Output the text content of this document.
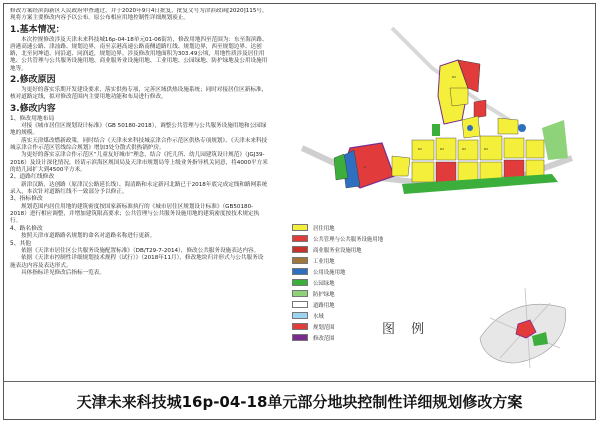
修改方案经滨海新区人民政府审查通过，并于2020年9月4日批复，批复文号为津滨政函[2020]115号，现将方案主要修改内容予以公布。原公布相应用地控制性详细规划废止。

1.基本情况：

本次控规修改涉及天津未来科技城16p-04-18单元01-06街坊，修改用地四至范围为：东至海滨路、唐港高速公路、津汕路、规划边界，南至京港高速公路南侧道路红线、规划边界，西至规划边界、达创路，北至同坤道、同沿道、同润道，规划边界。涉及修改用地面积为303.49公顷，用地性质涉及居住用地、公共管理与公共服务设施用地、商业服务业设施用地、工业用地、公园绿地、防护绿地及公用设施用地等。

2.修改原因

为更好的落实乐期开发建设要求，落实供热专项，完善区域供热设施系统；同时对接居住区新标准，核对道路定线，拟对修改范围内主要用地功能和布局进行修改。

3.修改内容
1、修改用地布局

对接《城市居住区规划设计标准》（GB 50180-2018），调整公共管理与公共服务设施用地和公园绿地的规模。

落实天津煤改燃新政策，同时结合《天津未来科技城京津合作示范区供热专项规划》、《天津未来科技城京津合作示范区管线综合规划》增加3处分散式供热锅炉房。

为更好的落实京津合作示范区“儿童友好城市”理念，结合《托儿所、幼儿园建筑设计规范》（JGJ39-2016）及设计深化情况，经请示滨海区规国局及天津市规划局等上级业务指导机关同意，将4000平方米的幼儿园扩大到4500平方米。

2、道路红线修改

新津汉路、达创路（原津汉公路延长线）、海清路和永定新河北路已于2018年底完成定线和路网系统录入，本次针对道路红线不一致部分予以修正。

3、指标修改

规划范围内居住用地的建筑密度按国家新标准执行的《城市居住区规划设计标准》（GB50180-2018）进行相应调整，并增加建筑限高要求；公共管理与公共服务设施用地的建筑密度按技术规定执行。

4、路名修改

按照天津市道路路名规划的命名对道路名称进行更新。

5、其他

依据《天津市居住区公共服务设施配置标准》（DB/T29-7-2014），修改公共服务设施表达内容。

依据《天津市控制性详细规划技术规程（试行）》（2018年11月），修改地块归并形式与公共服务设施表达内容及表达形式。

具体指标详见修改后指标一览表。

R2
R2	R2	R2	R2
A
居住用地
公共管理与公共服务设施用地
商业服务业设施用地
工业用地
公用设施用地
公园绿地
防护绿地
道路用地
水域
规划范围
修改范围
图 例
天津未来科技城16p-04-18单元部分地块控制性详细规划修改方案
